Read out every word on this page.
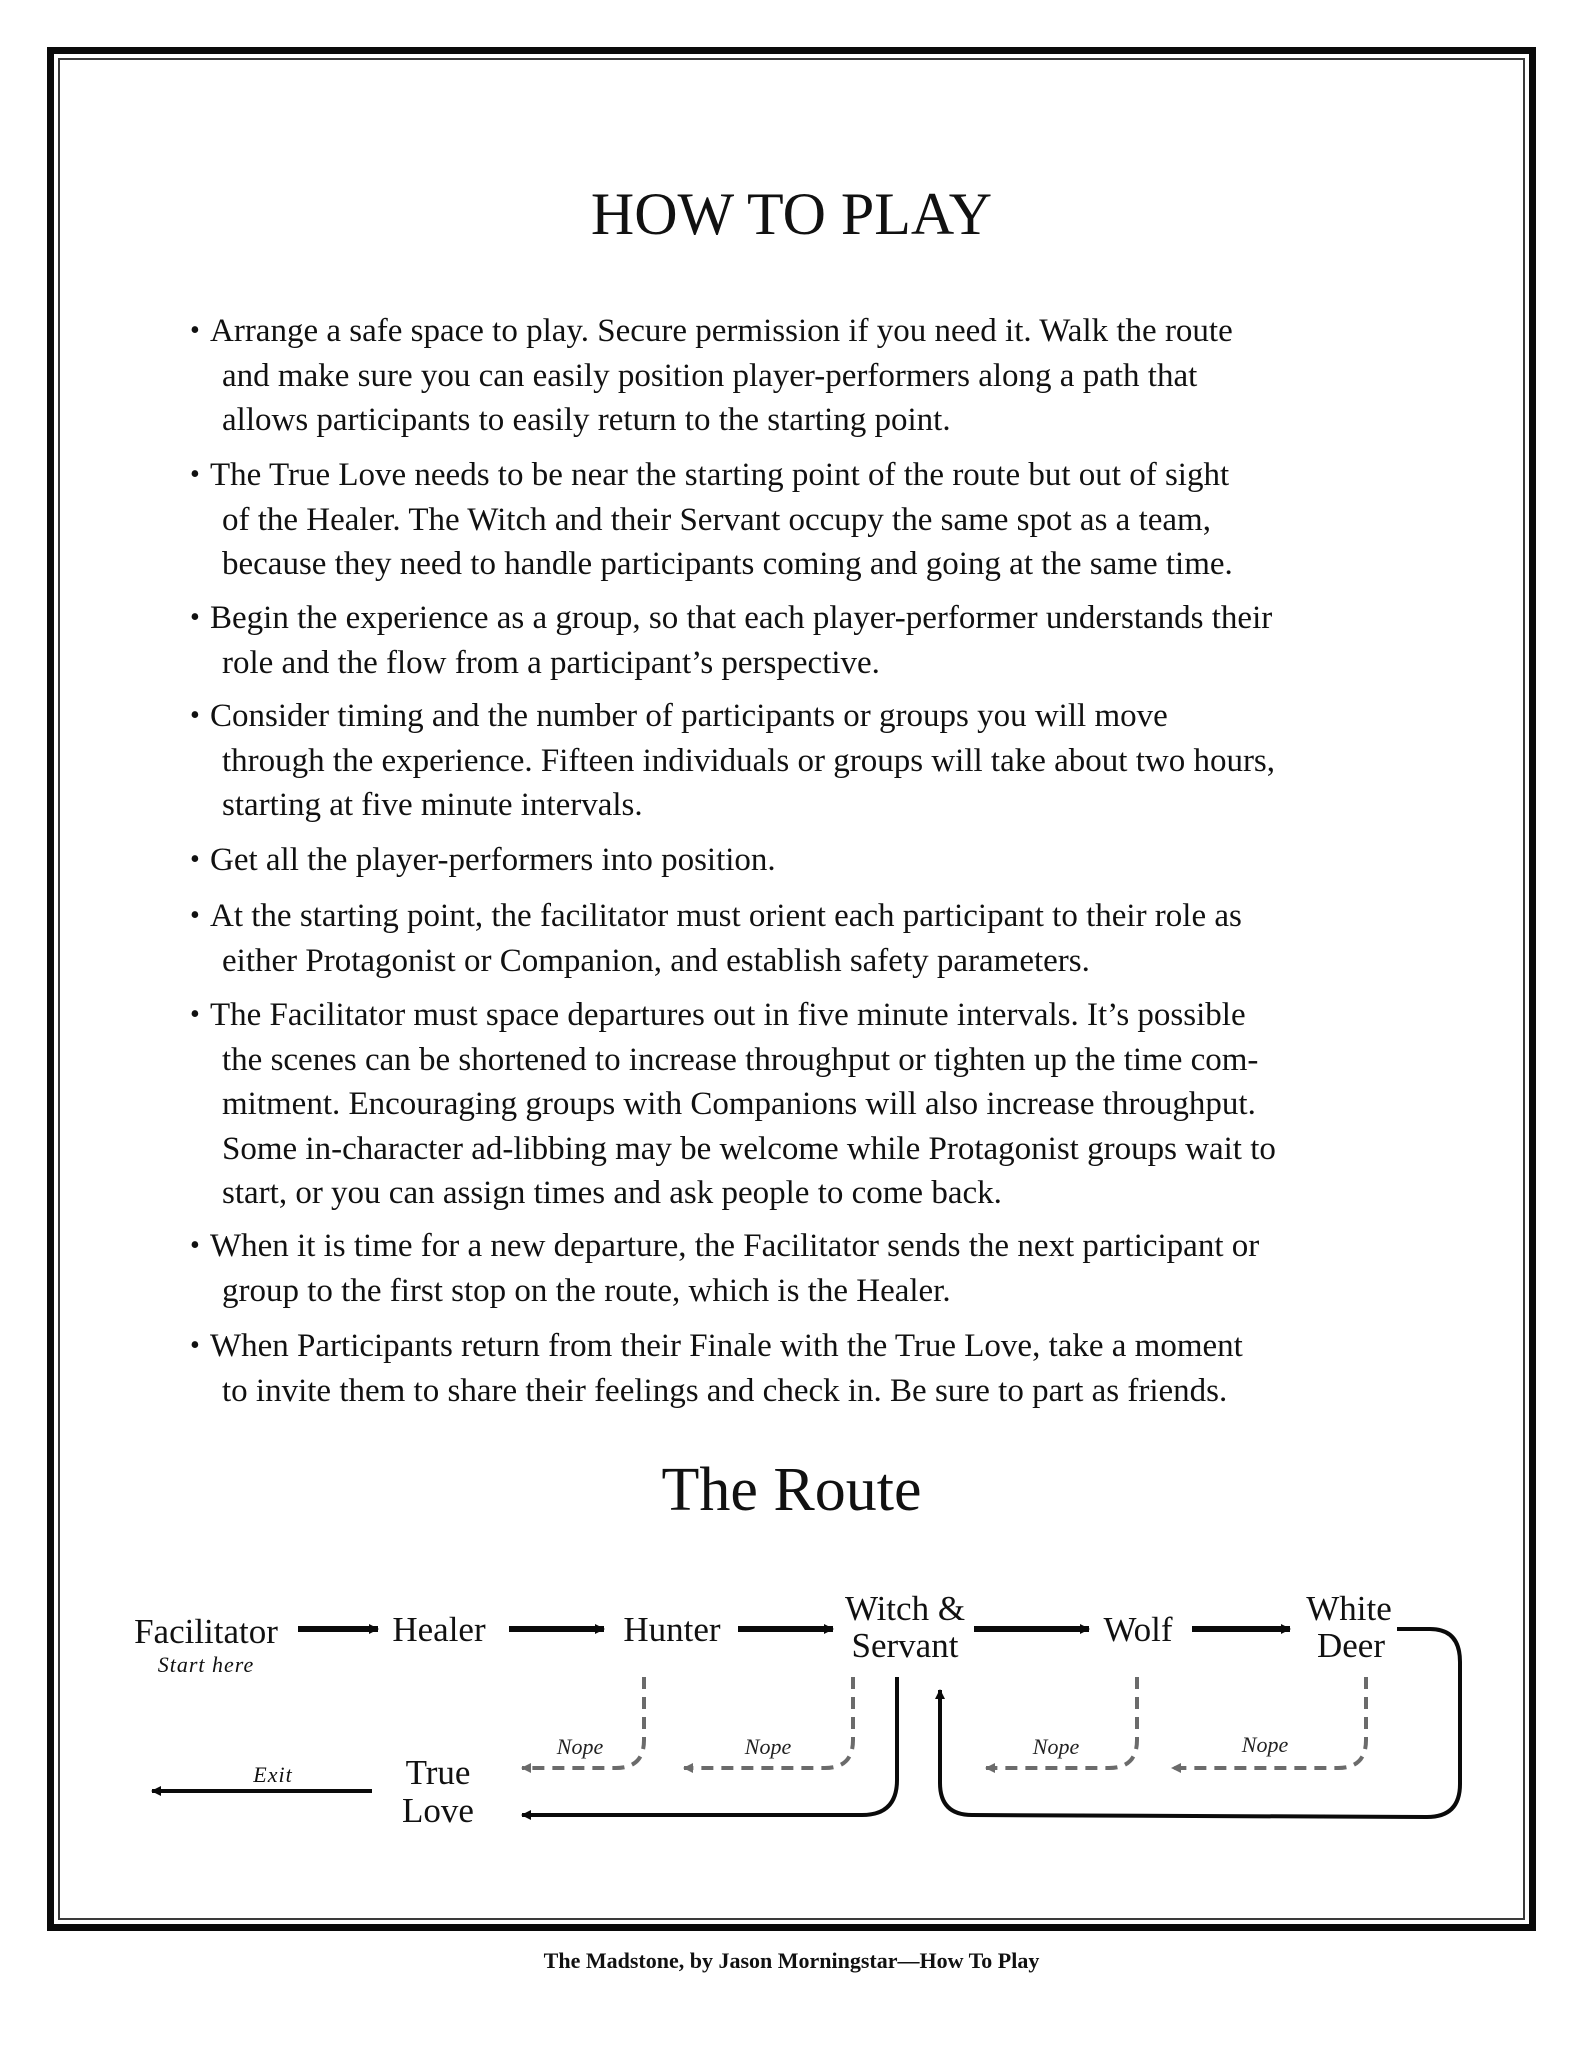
HOW TO PLAY
• Arrange a safe space to play. Secure permission if you need it. Walk the route
and make sure you can easily position player-performers along a path that
allows participants to easily return to the starting point.
• The True Love needs to be near the starting point of the route but out of sight
of the Healer. The Witch and their Servant occupy the same spot as a team,
because they need to handle participants coming and going at the same time.
• Begin the experience as a group, so that each player-performer understands their
role and the flow from a participant’s perspective.
• Consider timing and the number of participants or groups you will move
through the experience. Fifteen individuals or groups will take about two hours,
starting at five minute intervals.
• Get all the player-performers into position.
• At the starting point, the facilitator must orient each participant to their role as
either Protagonist or Companion, and establish safety parameters.
• The Facilitator must space departures out in five minute intervals. It’s possible
the scenes can be shortened to increase throughput or tighten up the time com-
mitment. Encouraging groups with Companions will also increase throughput.
Some in-character ad-libbing may be welcome while Protagonist groups wait to
start, or you can assign times and ask people to come back.
• When it is time for a new departure, the Facilitator sends the next participant or
group to the first stop on the route, which is the Healer.
• When Participants return from their Finale with the True Love, take a moment
to invite them to share their feelings and check in. Be sure to part as friends.
The Route
Facilitator
Start here
Healer	Hunter
Witch &
Servant	Wolf
White
Deer
True
Love
Exit
Nope	Nope	Nope	Nope
The Madstone, by Jason Morningstar—How To Play
